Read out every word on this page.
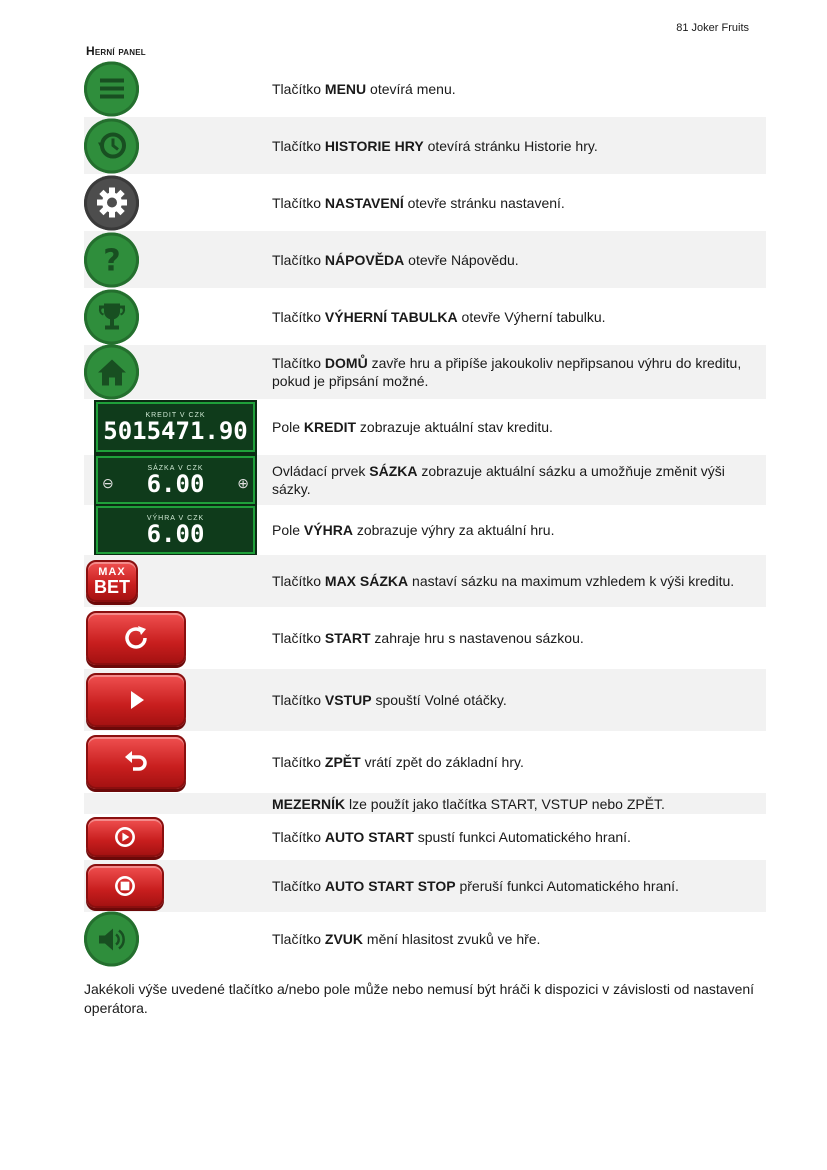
81 Joker Fruits
Herní panel
	Tlačítko MENU otevírá menu.

	Tlačítko HISTORIE HRY otevírá stránku Historie hry.

	Tlačítko NASTAVENÍ otevře stránku nastavení.

?	Tlačítko NÁPOVĚDA otevře Nápovědu.

	Tlačítko VÝHERNÍ TABULKA otevře Výherní tabulku.

	Tlačítko DOMŮ zavře hru a připíše jakoukoliv nepřipsanou výhru do kreditu, pokud je připsání možné.

KREDIT V CZK
5015471.90	Pole KREDIT zobrazuje aktuální stav kreditu.

⊖
SÁZKA V CZK
6.00 ⊕	Ovládací prvek SÁZKA zobrazuje aktuální sázku a umožňuje změnit výši sázky.

VÝHRA V CZK
6.00	Pole VÝHRA zobrazuje výhry za aktuální hru.

MAX
BET	Tlačítko MAX SÁZKA nastaví sázku na maximum vzhledem k výši kreditu.

	Tlačítko START zahraje hru s nastavenou sázkou.

	Tlačítko VSTUP spouští Volné otáčky.

	Tlačítko ZPĚT vrátí zpět do základní hry.
	MEZERNÍK lze použít jako tlačítka START, VSTUP nebo ZPĚT.

	Tlačítko AUTO START spustí funkci Automatického hraní.

	Tlačítko AUTO START STOP přeruší funkci Automatického hraní.

	Tlačítko ZVUK mění hlasitost zvuků ve hře.
Jakékoli výše uvedené tlačítko a/nebo pole může nebo nemusí být hráči k dispozici v závislosti od nastavení operátora.
